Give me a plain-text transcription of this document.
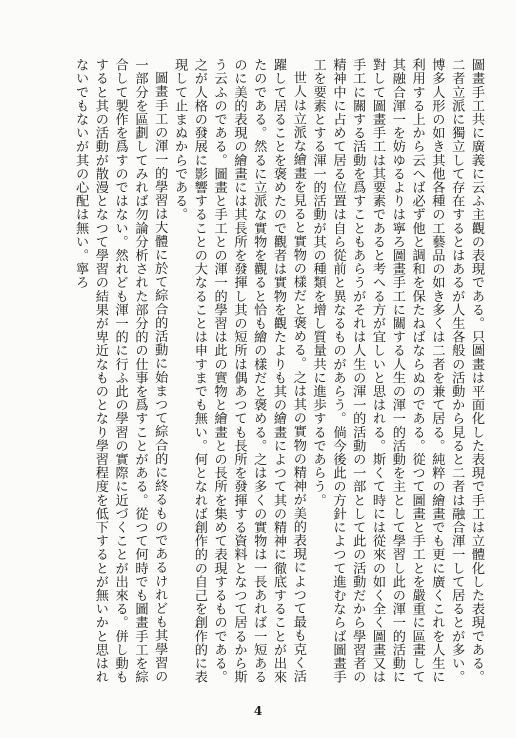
圖畫手工共に廣義に云ふ主觀の表現である。只圖畫は平面化した表現で手工は立體化した表現である。二者立派に獨立して存在するとはあるが人生各般の活動から見ると二者は融合渾一して居るとが多い。博多人形の如き其他各種の工藝品の如き多くは二者を兼て居る。純粹の繪畫でも更に廣くこれを人生に利用する上から云へば必ず他と調和を保たねばならぬのである。從つて圖畫と手工とを嚴重に區畫して其融合渾一を妨ゆるよりは寧ろ圖畫手工に關する人生の渾一的活動を主として學習し此の渾一的活動に對して圖畫手工は其要素であると考へる方が宜しいと思はれる。斯くて時には從來の如く全く圖畫又は手工に關する活動を爲すこともあらうがそれは人生の渾一的活動の一部として此の活動だから學習者の精神中に占めて居る位置は自ら從前と異なるものがあらう。倘今後此の方針によつて進むならば圖畫手工を要素とする渾一的活動が其の種類を增し質量共に進歩するであらう。

世人は立派な繪畫を見ると實物の樣だと褒める。之は其の實物の精神が美的表現によつて最も克く活躍して居ることを褒めたので觀者は實物を觀たよりも其の繪畫によつて其の精神に徹底することが出來たのである。然るに立派な實物を觀ると恰も繪の樣だと褒める。之は多くの實物は一長あれば一短あるのに美的表現の繪畫には其長所を發揮し其の短所は偶あつても長所を發揮する資料となつて居るから斯う云ふのである。圖畫と手工との渾一的學習は此の實物と繪畫との長所を集めて表現するものである。之が人格の發展に影響することの大なることは申すまでも無い。何となれば創作的の自己を創作的に表現して止まぬからである。

圖畫手工の渾一的學習は大體に於て綜合的活動に始まつて綜合的に終るものであるけれども其學習の一部分を區劃してみれば勿論分析された部分的の仕事を爲すことがある。從つて何時でも圖畫手工を綜合して製作を爲すのではない。然れども渾一的に行ふ此の學習の實際に近づくことが出來る。併し動もすると其の活動が散漫となつて學習の結果が卑近なものとなり學習程度を低下するとが無いかと思はれないでもないが其の心配は無い。寧ろ

4
